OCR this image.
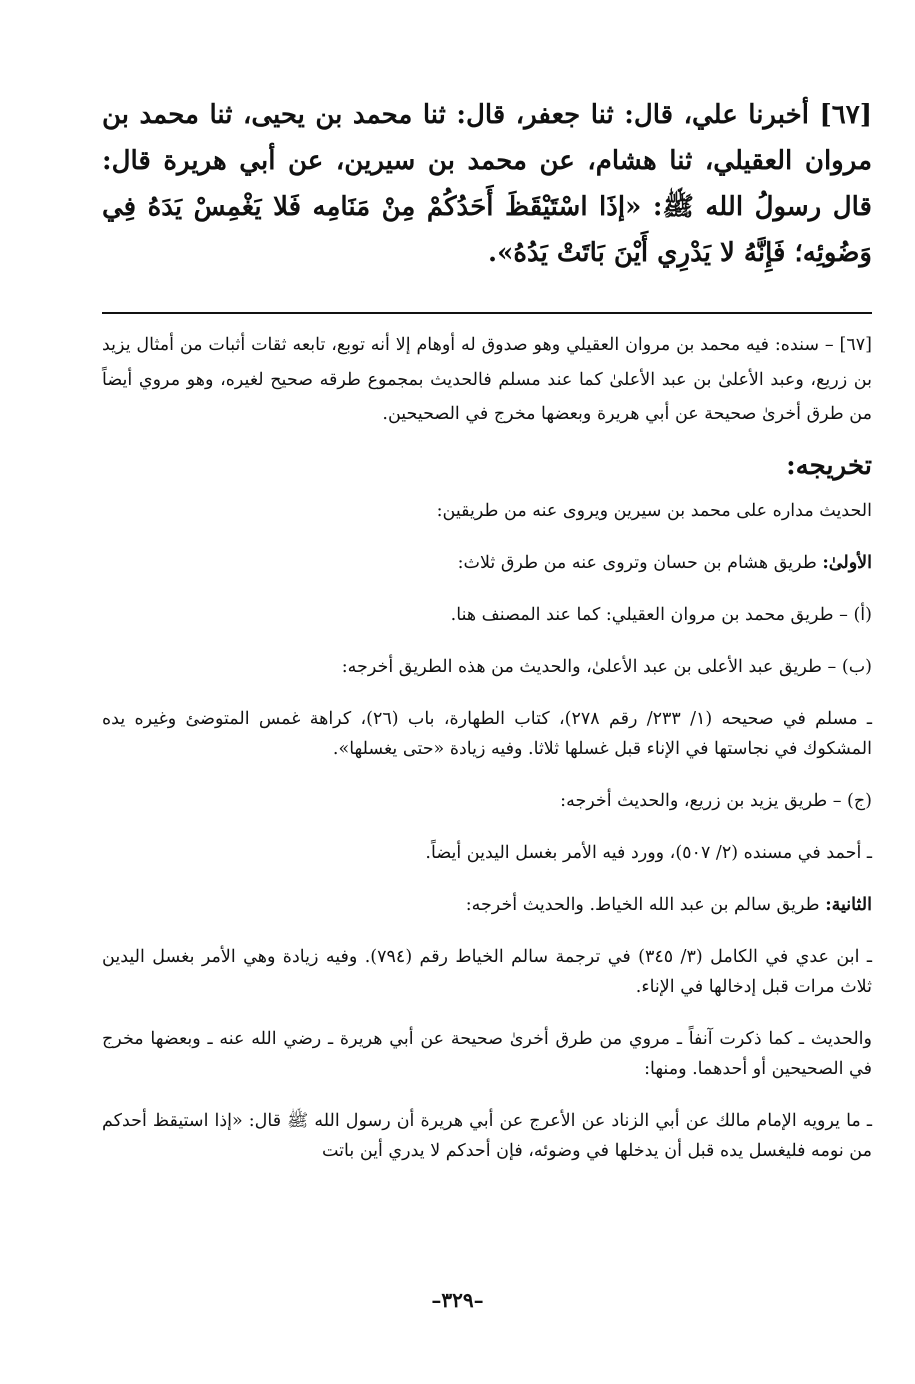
[٦٧] أخبرنا علي، قال: ثنا جعفر، قال: ثنا محمد بن يحيى، ثنا محمد بن مروان العقيلي، ثنا هشام، عن محمد بن سيرين، عن أبي هريرة قال: قال رسولُ الله ﷺ: «إذَا اسْتَيْقَظَ أَحَدُكُمْ مِنْ مَنَامِه فَلا يَغْمِسْ يَدَهُ فِي وَضُوئِه؛ فَإِنَّهُ لا يَدْرِي أَيْنَ بَاتَتْ يَدُهُ».

[٦٧] – سنده: فيه محمد بن مروان العقيلي وهو صدوق له أوهام إلا أنه توبع، تابعه ثقات أثبات من أمثال يزيد بن زريع، وعبد الأعلىٰ بن عبد الأعلىٰ كما عند مسلم فالحديث بمجموع طرقه صحيح لغيره، وهو مروي أيضاً من طرق أخرىٰ صحيحة عن أبي هريرة وبعضها مخرج في الصحيحين.

تخريجه:

الحديث مداره على محمد بن سيرين ويروى عنه من طريقين:

الأولىٰ: طريق هشام بن حسان وتروى عنه من طرق ثلاث:

(أ) – طريق محمد بن مروان العقيلي: كما عند المصنف هنا.

(ب) – طريق عبد الأعلى بن عبد الأعلىٰ، والحديث من هذه الطريق أخرجه:

ـ مسلم في صحيحه (١/ ٢٣٣/ رقم ٢٧٨)، كتاب الطهارة، باب (٢٦)، كراهة غمس المتوضئ وغيره يده المشكوك في نجاستها في الإناء قبل غسلها ثلاثا. وفيه زيادة «حتى يغسلها».

(ج) – طريق يزيد بن زريع، والحديث أخرجه:

ـ أحمد في مسنده (٢/ ٥٠٧)، وورد فيه الأمر بغسل اليدين أيضاً.

الثانية: طريق سالم بن عبد الله الخياط. والحديث أخرجه:

ـ ابن عدي في الكامل (٣/ ٣٤٥) في ترجمة سالم الخياط رقم (٧٩٤). وفيه زيادة وهي الأمر بغسل اليدين ثلاث مرات قبل إدخالها في الإناء.

والحديث ـ كما ذكرت آنفاً ـ مروي من طرق أخرىٰ صحيحة عن أبي هريرة ـ رضي الله عنه ـ وبعضها مخرج في الصحيحين أو أحدهما. ومنها:

ـ ما يرويه الإمام مالك عن أبي الزناد عن الأعرج عن أبي هريرة أن رسول الله ﷺ قال: «إذا استيقظ أحدكم من نومه فليغسل يده قبل أن يدخلها في وضوئه، فإن أحدكم لا يدري أين باتت

–٣٢٩–
